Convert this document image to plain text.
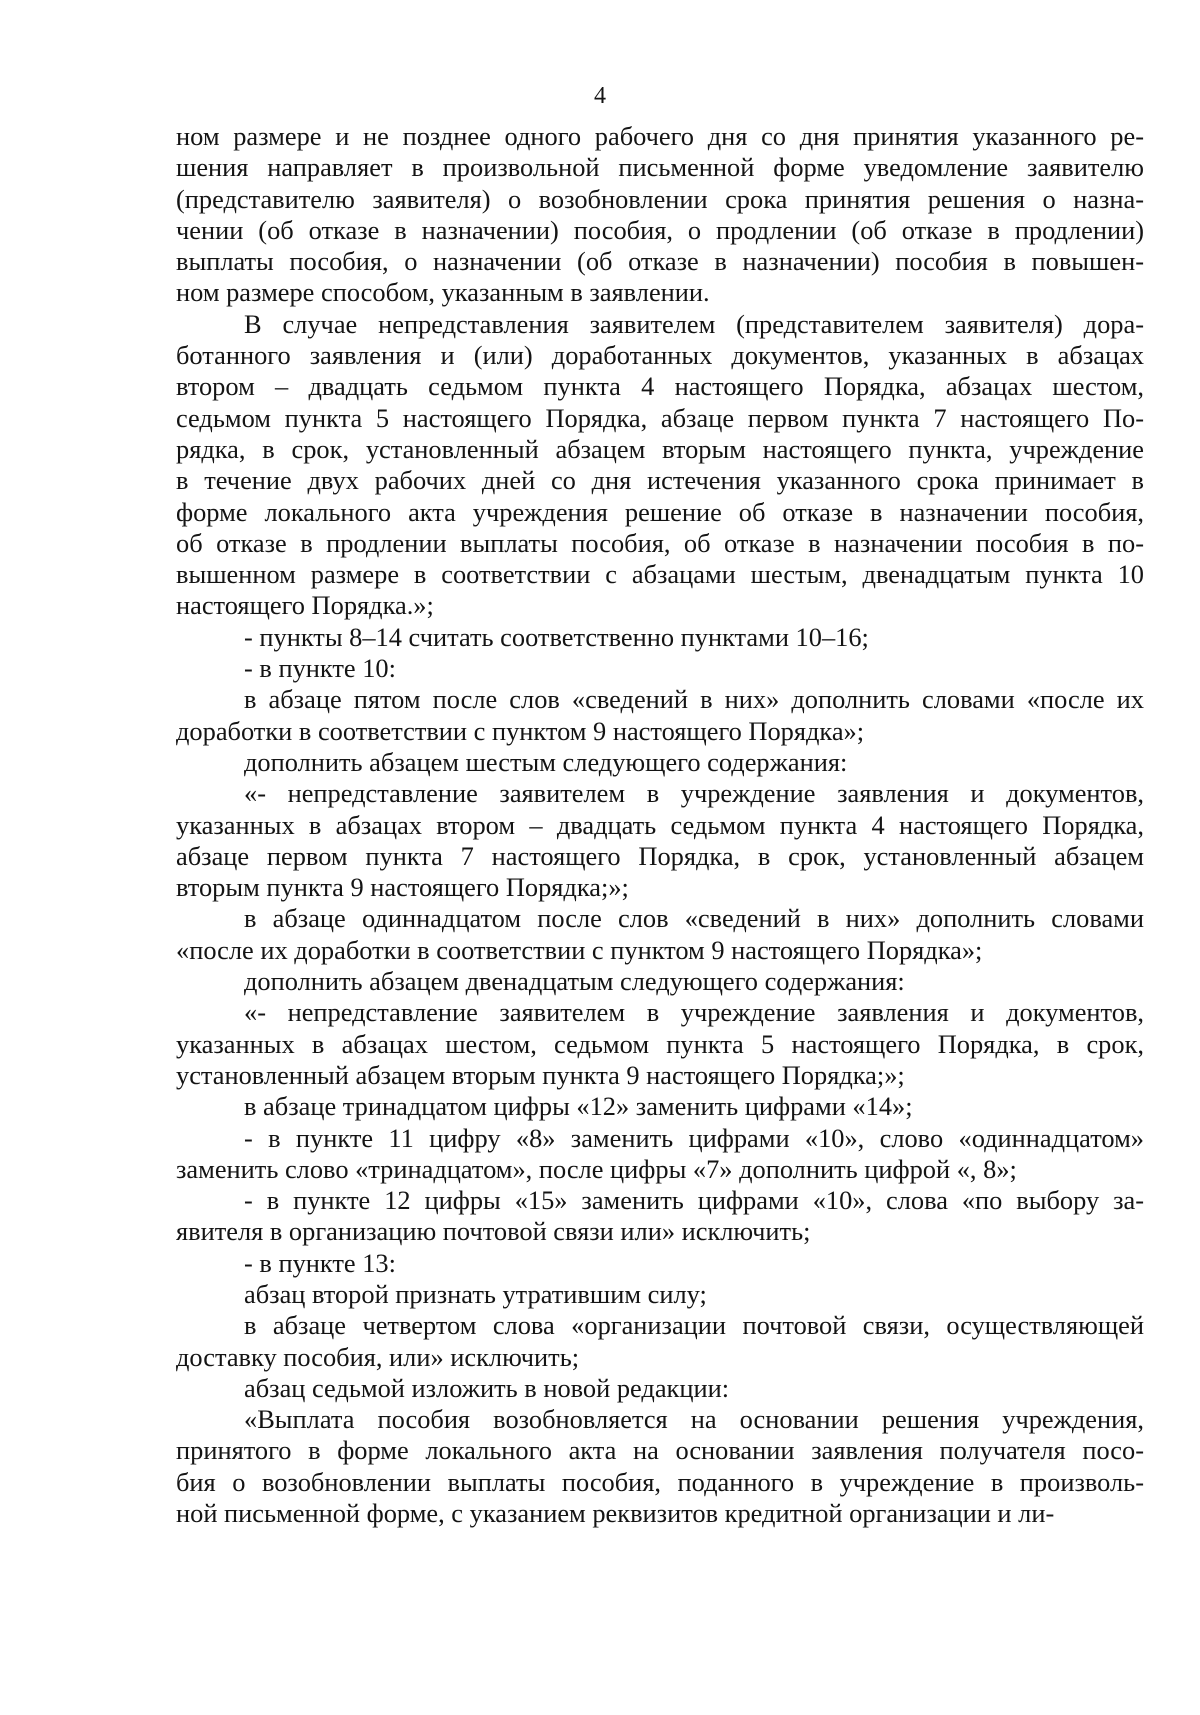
4

ном размере и не позднее одного рабочего дня со дня принятия указанного ре-
шения направляет в произвольной письменной форме уведомление заявителю
(представителю заявителя) о возобновлении срока принятия решения о назна-
чении (об отказе в назначении) пособия, о продлении (об отказе в продлении)
выплаты пособия, о назначении (об отказе в назначении) пособия в повышен-
ном размере способом, указанным в заявлении.

В случае непредставления заявителем (представителем заявителя) дора-
ботанного заявления и (или) доработанных документов, указанных в абзацах
втором – двадцать седьмом пункта 4 настоящего Порядка, абзацах шестом,
седьмом пункта 5 настоящего Порядка, абзаце первом пункта 7 настоящего По-
рядка, в срок, установленный абзацем вторым настоящего пункта, учреждение
в течение двух рабочих дней со дня истечения указанного срока принимает в
форме локального акта учреждения решение об отказе в назначении пособия,
об отказе в продлении выплаты пособия, об отказе в назначении пособия в по-
вышенном размере в соответствии с абзацами шестым, двенадцатым пункта 10
настоящего Порядка.»;

- пункты 8–14 считать соответственно пунктами 10–16;

- в пункте 10:

в абзаце пятом после слов «сведений в них» дополнить словами «после их
доработки в соответствии с пунктом 9 настоящего Порядка»;

дополнить абзацем шестым следующего содержания:

«- непредставление заявителем в учреждение заявления и документов,
указанных в абзацах втором – двадцать седьмом пункта 4 настоящего Порядка,
абзаце первом пункта 7 настоящего Порядка, в срок, установленный абзацем
вторым пункта 9 настоящего Порядка;»;

в абзаце одиннадцатом после слов «сведений в них» дополнить словами
«после их доработки в соответствии с пунктом 9 настоящего Порядка»;

дополнить абзацем двенадцатым следующего содержания:

«- непредставление заявителем в учреждение заявления и документов,
указанных в абзацах шестом, седьмом пункта 5 настоящего Порядка, в срок,
установленный абзацем вторым пункта 9 настоящего Порядка;»;

в абзаце тринадцатом цифры «12» заменить цифрами «14»;

- в пункте 11 цифру «8» заменить цифрами «10», слово «одиннадцатом»
заменить слово «тринадцатом», после цифры «7» дополнить цифрой «, 8»;

- в пункте 12 цифры «15» заменить цифрами «10», слова «по выбору за-
явителя в организацию почтовой связи или» исключить;

- в пункте 13:

абзац второй признать утратившим силу;

в абзаце четвертом слова «организации почтовой связи, осуществляющей
доставку пособия, или» исключить;

абзац седьмой изложить в новой редакции:

«Выплата пособия возобновляется на основании решения учреждения,
принятого в форме локального акта на основании заявления получателя посо-
бия о возобновлении выплаты пособия, поданного в учреждение в произволь-
ной письменной форме, с указанием реквизитов кредитной организации и ли-
